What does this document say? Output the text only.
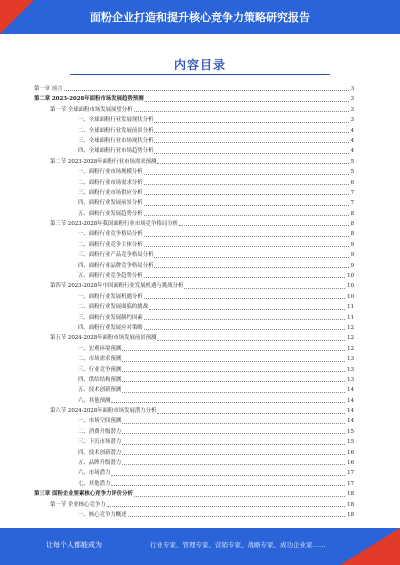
面粉企业打造和提升核心竞争力策略研究报告
内容目录
第一章 前言	3
第二章 2023-2028年面粉市场发展趋势预测	3
第一节 全球面粉市场发展展望分析	3
一、全球面粉行业发展现状分析	3
二、全球面粉行业发展前景分析	4
三、全球面粉行业市场现状分析	4
四、全球面粉行业市场趋势分析	4
第二节 2023-2028年面粉行业市场需求预测	5
一、面粉行业市场规模分析	5
二、面粉行业市场需求分析	6
三、面粉行业市场供应分析	7
四、面粉行业发展前景分析	7
五、面粉行业发展趋势分析	8
第三节 2023-2028年我国面粉行业市场竞争格局分析	8
一、面粉行业竞争格局分析	8
二、面粉行业竞争主体分析	9
三、面粉行业产品竞争格局分析	9
四、面粉行业品牌竞争格局分析	9
五、面粉行业竞争趋势分析	10
第四节 2023-2028年中国面粉行业发展机遇与挑战分析	10
一、面粉行业发展机遇分析	10
二、面粉行业发展面临的挑战	11
三、面粉行业发展制约因素	11
四、面粉行业发展应对策略	12
第五节 2024-2028年面粉市场发展前景预测	12
一、宏观环境预测	12
二、市场需求预测	13
三、行业竞争预测	13
四、供给结构预测	13
五、技术创新预测	14
六、其他预测	14
第六节 2024-2028年面粉市场发展潜力分析	14
一、市场空间预测	14
二、消费升级潜力	15
三、下沉市场潜力	15
四、技术创新潜力	16
五、品牌升级潜力	16
六、市场潜力	17
七、其他潜力	17
第三章 面粉企业要素核心竞争力评价分析	18
第一节 企业核心竞争力	18
一、核心竞争力概述	18
让每个人都能成为	行业专家、管理专家、营销专家、战略专家、成功企业家……
